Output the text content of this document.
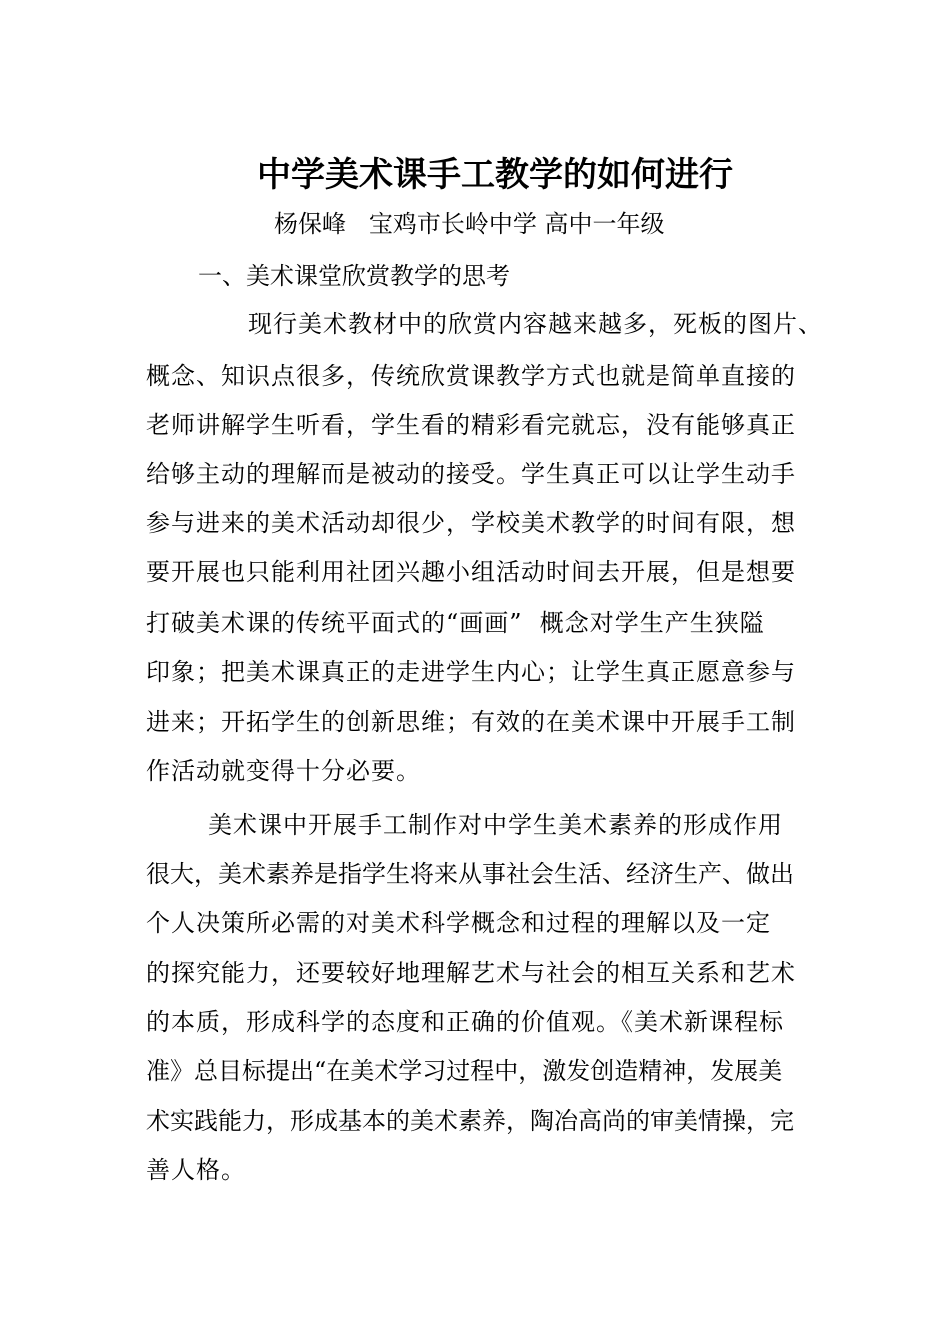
中学美术课手工教学的如何进行
杨保峰   宝鸡市长岭中学 高中一年级
一、美术课堂欣赏教学的思考
现行美术教材中的欣赏内容越来越多，死板的图片、
概念、知识点很多，传统欣赏课教学方式也就是简单直接的
老师讲解学生听看，学生看的精彩看完就忘，没有能够真正
给够主动的理解而是被动的接受。学生真正可以让学生动手
参与进来的美术活动却很少，学校美术教学的时间有限，想
要开展也只能利用社团兴趣小组活动时间去开展，但是想要
打破美术课的传统平面式的“画画”  概念对学生产生狭隘
印象；把美术课真正的走进学生内心；让学生真正愿意参与
进来；开拓学生的创新思维；有效的在美术课中开展手工制
作活动就变得十分必要。
美术课中开展手工制作对中学生美术素养的形成作用
很大，美术素养是指学生将来从事社会生活、经济生产、做出
个人决策所必需的对美术科学概念和过程的理解以及一定
的探究能力，还要较好地理解艺术与社会的相互关系和艺术
的本质，形成科学的态度和正确的价值观。《美术新课程标
准》总目标提出“在美术学习过程中，激发创造精神，发展美
术实践能力，形成基本的美术素养，陶冶高尚的审美情操，完
善人格。
